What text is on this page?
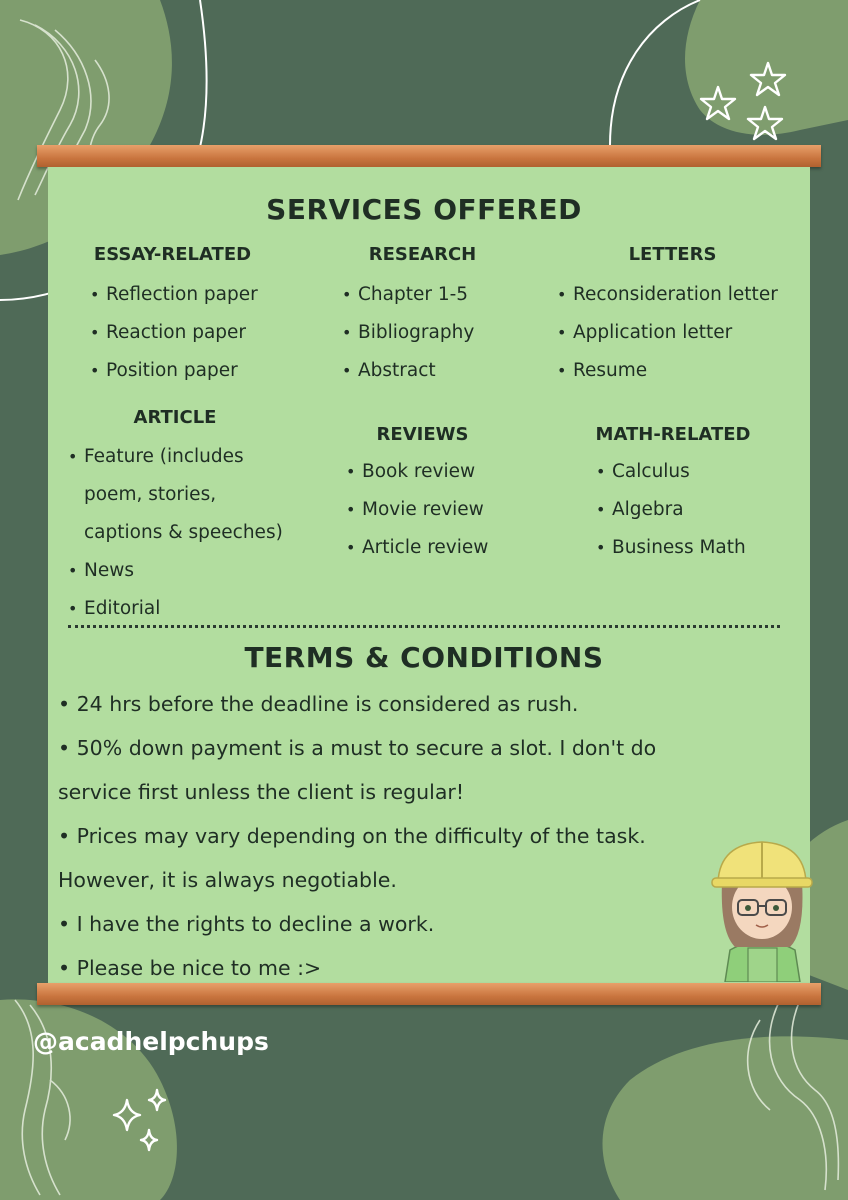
SERVICES OFFERED
ESSAY-RELATED
• Reflection paper
• Reaction paper
• Position paper
RESEARCH
• Chapter 1-5
• Bibliography
• Abstract
LETTERS
• Reconsideration letter
• Application letter
• Resume
ARTICLE
• Feature (includes
poem, stories,
captions & speeches)
• News
• Editorial
REVIEWS
• Book review
• Movie review
• Article review
MATH-RELATED
• Calculus
• Algebra
• Business Math
TERMS & CONDITIONS
• 24 hrs before the deadline is considered as rush.
• 50% down payment is a must to secure a slot. I don't do
service first unless the client is regular!
• Prices may vary depending on the difficulty of the task.
However, it is always negotiable.
• I have the rights to decline a work.
• Please be nice to me :>
@acadhelpchups
